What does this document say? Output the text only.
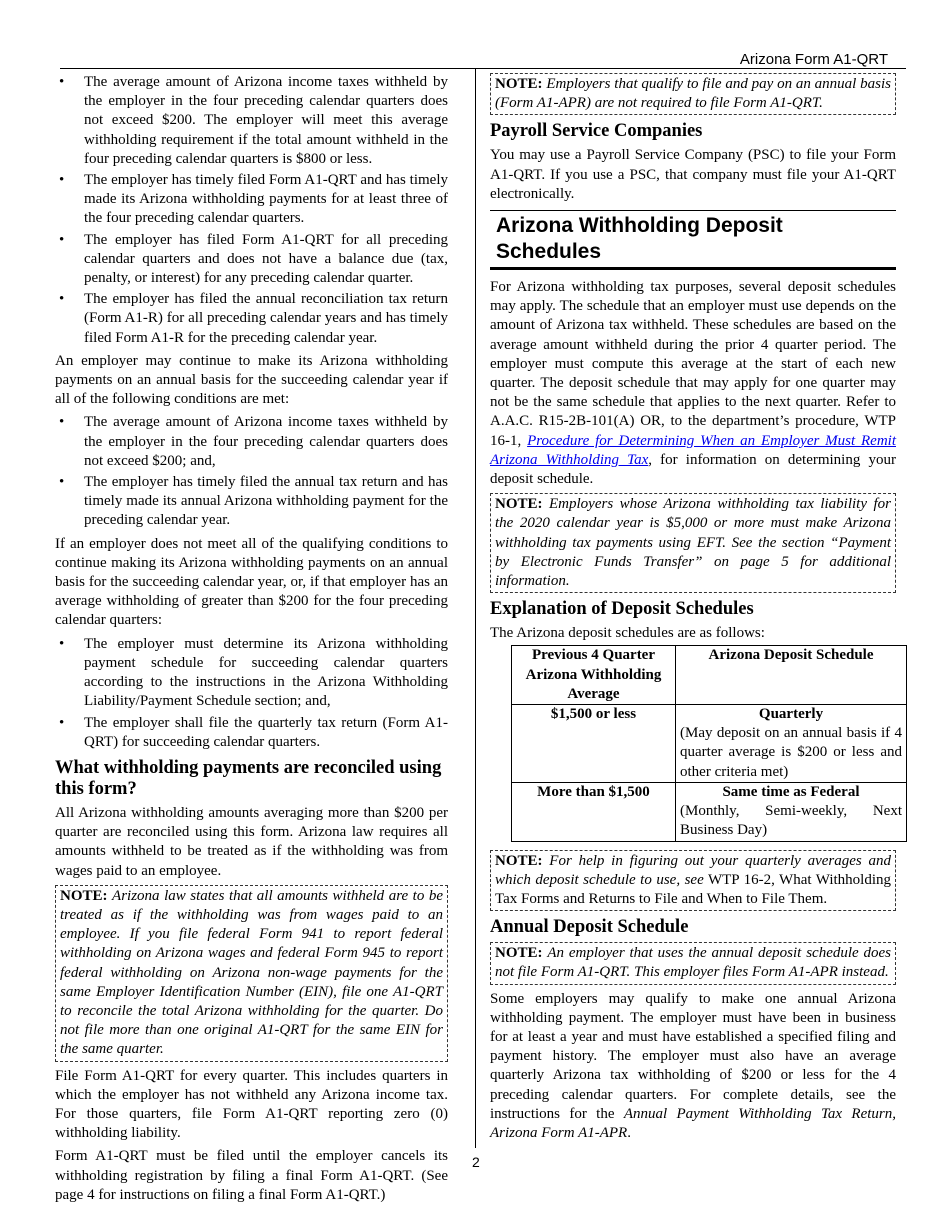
Arizona Form A1-QRT
• The average amount of Arizona income taxes withheld by the employer in the four preceding calendar quarters does not exceed $200. The employer will meet this average withholding requirement if the total amount withheld in the four preceding calendar quarters is $800 or less.
• The employer has timely filed Form A1-QRT and has timely made its Arizona withholding payments for at least three of the four preceding calendar quarters.
• The employer has filed Form A1-QRT for all preceding calendar quarters and does not have a balance due (tax, penalty, or interest) for any preceding calendar quarter.
• The employer has filed the annual reconciliation tax return (Form A1-R) for all preceding calendar years and has timely filed Form A1-R for the preceding calendar year.

An employer may continue to make its Arizona withholding payments on an annual basis for the succeeding calendar year if all of the following conditions are met:

• The average amount of Arizona income taxes withheld by the employer in the four preceding calendar quarters does not exceed $200; and,
• The employer has timely filed the annual tax return and has timely made its annual Arizona withholding payment for the preceding calendar year.

If an employer does not meet all of the qualifying conditions to continue making its Arizona withholding payments on an annual basis for the succeeding calendar year, or, if that employer has an average withholding of greater than $200 for the four preceding calendar quarters:

• The employer must determine its Arizona withholding payment schedule for succeeding calendar quarters according to the instructions in the Arizona Withholding Liability/Payment Schedule section; and,
• The employer shall file the quarterly tax return (Form A1-QRT) for succeeding calendar quarters.
What withholding payments are reconciled using this form?

All Arizona withholding amounts averaging more than $200 per quarter are reconciled using this form. Arizona law requires all amounts withheld to be treated as if the withholding was from wages paid to an employee.

NOTE: Arizona law states that all amounts withheld are to be treated as if the withholding was from wages paid to an employee. If you file federal Form 941 to report federal withholding on Arizona wages and federal Form 945 to report federal withholding on Arizona non-wage payments for the same Employer Identification Number (EIN), file one A1-QRT to reconcile the total Arizona withholding for the quarter. Do not file more than one original A1-QRT for the same EIN for the same quarter.

File Form A1-QRT for every quarter. This includes quarters in which the employer has not withheld any Arizona income tax. For those quarters, file Form A1-QRT reporting zero (0) withholding liability.

Form A1-QRT must be filed until the employer cancels its withholding registration by filing a final Form A1-QRT. (See page 4 for instructions on filing a final Form A1-QRT.)

NOTE: Employers that qualify to file and pay on an annual basis (Form A1-APR) are not required to file Form A1-QRT.
Payroll Service Companies

You may use a Payroll Service Company (PSC) to file your Form A1-QRT. If you use a PSC, that company must file your A1-QRT electronically.

Arizona Withholding Deposit Schedules

For Arizona withholding tax purposes, several deposit schedules may apply. The schedule that an employer must use depends on the amount of Arizona tax withheld. These schedules are based on the average amount withheld during the prior 4 quarter period. The employer must compute this average at the start of each new quarter. The deposit schedule that may apply for one quarter may not be the same schedule that applies to the next quarter. Refer to A.A.C. R15-2B-101(A) OR, to the department’s procedure, WTP 16-1, Procedure for Determining When an Employer Must Remit Arizona Withholding Tax, for information on determining your deposit schedule.

NOTE: Employers whose Arizona withholding tax liability for the 2020 calendar year is $5,000 or more must make Arizona withholding tax payments using EFT. See the section “Payment by Electronic Funds Transfer” on page 5 for additional information.
Explanation of Deposit Schedules

The Arizona deposit schedules are as follows:

Previous 4 Quarter Arizona Withholding Average	Arizona Deposit Schedule
$1,500 or less	Quarterly
(May deposit on an annual basis if 4 quarter average is $200 or less and other criteria met)
More than $1,500	Same time as Federal
(Monthly, Semi-weekly, Next Business Day)
NOTE: For help in figuring out your quarterly averages and which deposit schedule to use, see WTP 16-2, What Withholding Tax Forms and Returns to File and When to File Them.
Annual Deposit Schedule
NOTE: An employer that uses the annual deposit schedule does not file Form A1-QRT. This employer files Form A1-APR instead.

Some employers may qualify to make one annual Arizona withholding payment. The employer must have been in business for at least a year and must have established a specified filing and payment history. The employer must also have an average quarterly Arizona tax withholding of $200 or less for the 4 preceding calendar quarters. For complete details, see the instructions for the Annual Payment Withholding Tax Return, Arizona Form A1-APR.

2
